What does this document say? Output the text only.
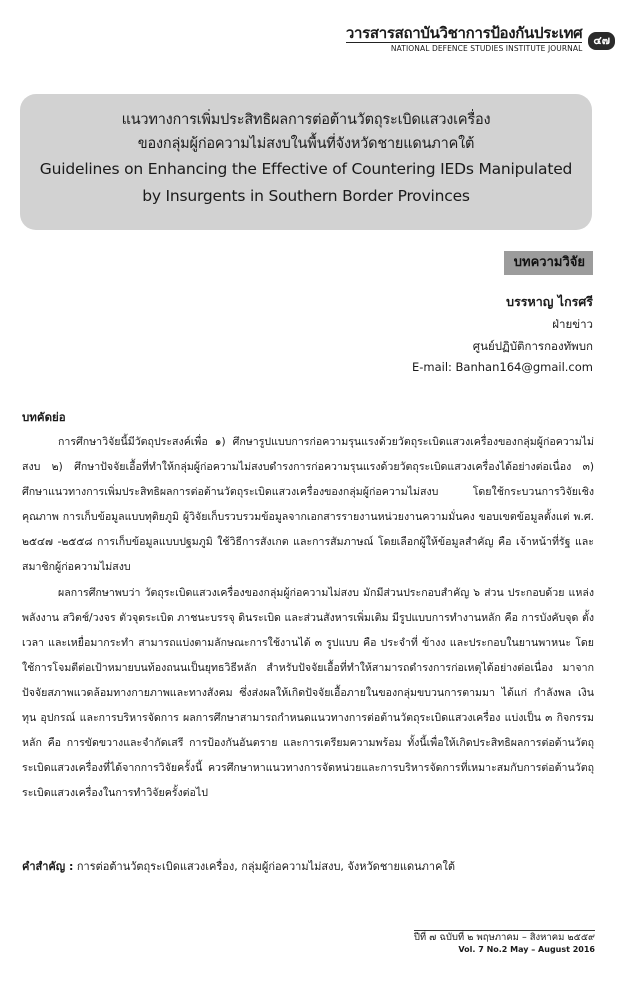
วารสารสถาบันวิชาการป้องกันประเทศ
NATIONAL DEFENCE STUDIES INSTITUTE JOURNAL
๔๗
แนวทางการเพิ่มประสิทธิผลการต่อต้านวัตถุระเบิดแสวงเครื่อง
ของกลุ่มผู้ก่อความไม่สงบในพื้นที่จังหวัดชายแดนภาคใต้
Guidelines on Enhancing the Effective of Countering IEDs Manipulated
by Insurgents in Southern Border Provinces
บทความวิจัย
บรรหาญ ไกรศรี
ฝ่ายข่าว
ศูนย์ปฏิบัติการกองทัพบก
E-mail: Banhan164@gmail.com
บทคัดย่อ

การศึกษาวิจัยนี้มีวัตถุประสงค์เพื่อ ๑) ศึกษารูปแบบการก่อความรุนแรงด้วยวัตถุระเบิดแสวงเครื่องของกลุ่มผู้ก่อความไม่สงบ ๒) ศึกษาปัจจัยเอื้อที่ทำให้กลุ่มผู้ก่อความไม่สงบดำรงการก่อความรุนแรงด้วยวัตถุระเบิดแสวงเครื่องได้อย่างต่อเนื่อง ๓) ศึกษาแนวทางการเพิ่มประสิทธิผลการต่อต้านวัตถุระเบิดแสวงเครื่องของกลุ่มผู้ก่อความไม่สงบ โดยใช้กระบวนการวิจัยเชิงคุณภาพ การเก็บข้อมูลแบบทุติยภูมิ ผู้วิจัยเก็บรวบรวมข้อมูลจากเอกสารรายงานหน่วยงานความมั่นคง ขอบเขตข้อมูลตั้งแต่ พ.ศ. ๒๕๔๗ -๒๕๕๘ การเก็บข้อมูลแบบปฐมภูมิ ใช้วิธีการสังเกต และการสัมภาษณ์ โดยเลือกผู้ให้ข้อมูลสำคัญ คือ เจ้าหน้าที่รัฐ และสมาชิกผู้ก่อความไม่สงบ

ผลการศึกษาพบว่า วัตถุระเบิดแสวงเครื่องของกลุ่มผู้ก่อความไม่สงบ มักมีส่วนประกอบสำคัญ ๖ ส่วน ประกอบด้วย แหล่งพลังงาน สวิตช์/วงจร ตัวจุดระเบิด ภาชนะบรรจุ ดินระเบิด และส่วนสังหารเพิ่มเติม มีรูปแบบการทำงานหลัก คือ การบังคับจุด ตั้งเวลา และเหยื่อมากระทำ สามารถแบ่งตามลักษณะการใช้งานได้ ๓ รูปแบบ คือ ประจำที่ ข้างง และประกอบในยานพาหนะ โดยใช้การโจมตีต่อเป้าหมายบนท้องถนนเป็นยุทธวิธีหลัก สำหรับปัจจัยเอื้อที่ทำให้สามารถดำรงการก่อเหตุได้อย่างต่อเนื่อง มาจากปัจจัยสภาพแวดล้อมทางกายภาพและทางสังคม ซึ่งส่งผลให้เกิดปัจจัยเอื้อภายในของกลุ่มขบวนการตามมา ได้แก่ กำลังพล เงินทุน อุปกรณ์ และการบริหารจัดการ ผลการศึกษาสามารถกำหนดแนวทางการต่อต้านวัตถุระเบิดแสวงเครื่อง แบ่งเป็น ๓ กิจกรรมหลัก คือ การขัดขวางและจำกัดเสรี การป้องกันอันตราย และการเตรียมความพร้อม ทั้งนี้เพื่อให้เกิดประสิทธิผลการต่อต้านวัตถุระเบิดแสวงเครื่องที่ได้จากการวิจัยครั้งนี้ ควรศึกษาหาแนวทางการจัดหน่วยและการบริหารจัดการที่เหมาะสมกับการต่อต้านวัตถุระเบิดแสวงเครื่องในการทำวิจัยครั้งต่อไป

คำสำคัญ : การต่อต้านวัตถุระเบิดแสวงเครื่อง, กลุ่มผู้ก่อความไม่สงบ, จังหวัดชายแดนภาคใต้
ปีที่ ๗ ฉบับที่ ๒ พฤษภาคม – สิงหาคม ๒๕๕๙
Vol. 7 No.2 May – August 2016
